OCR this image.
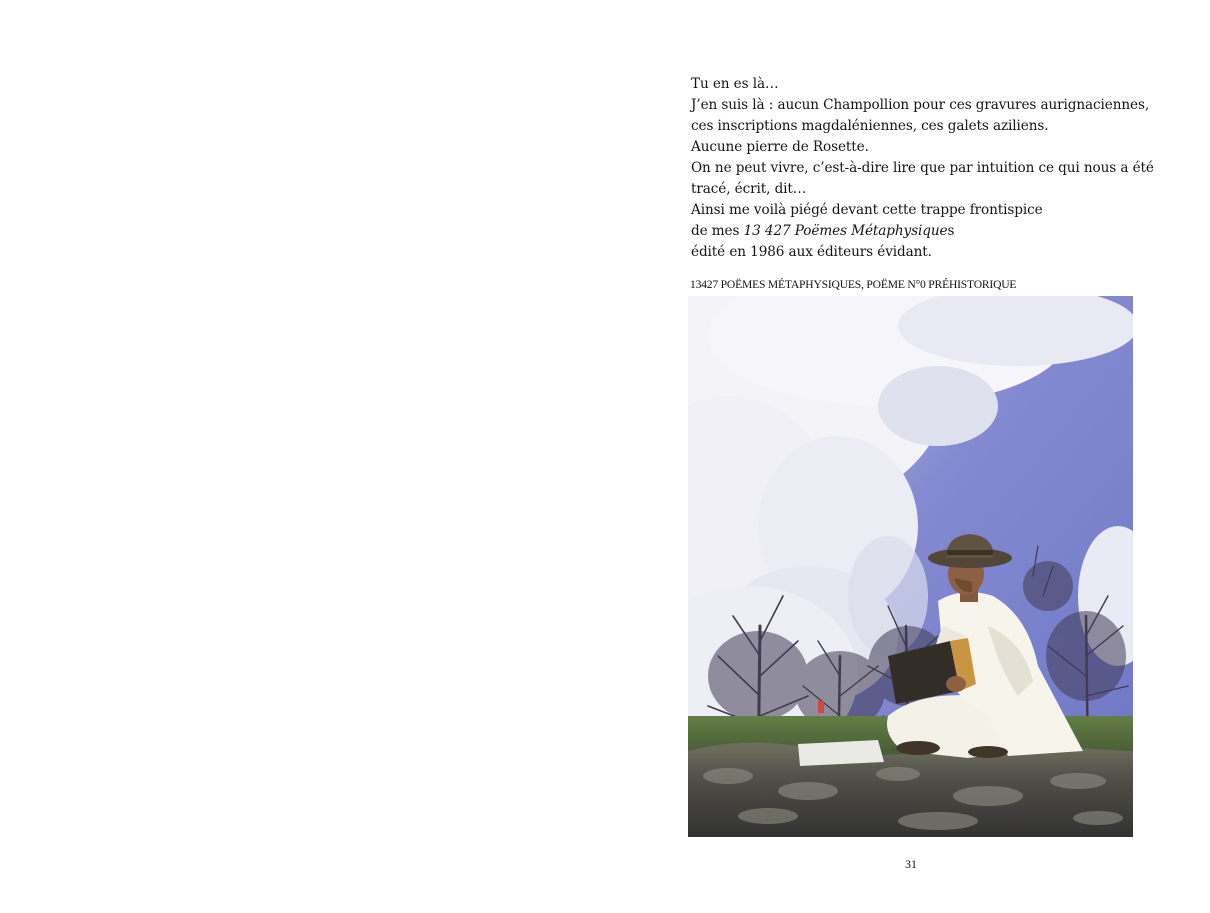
Tu en es là…
J’en suis là : aucun Champollion pour ces gravures aurignaciennes,
ces inscriptions magdaléniennes, ces galets aziliens.
Aucune pierre de Rosette.
On ne peut vivre, c’est-à-dire lire que par intuition ce qui nous a été
tracé, écrit, dit…
Ainsi me voilà piégé devant cette trappe frontispice
de mes 13 427 Poëmes Métaphysiques
édité en 1986 aux éditeurs évidant.
13427 POËMES MÉTAPHYSIQUES, POËME N°0 PRÉHISTORIQUE
31
